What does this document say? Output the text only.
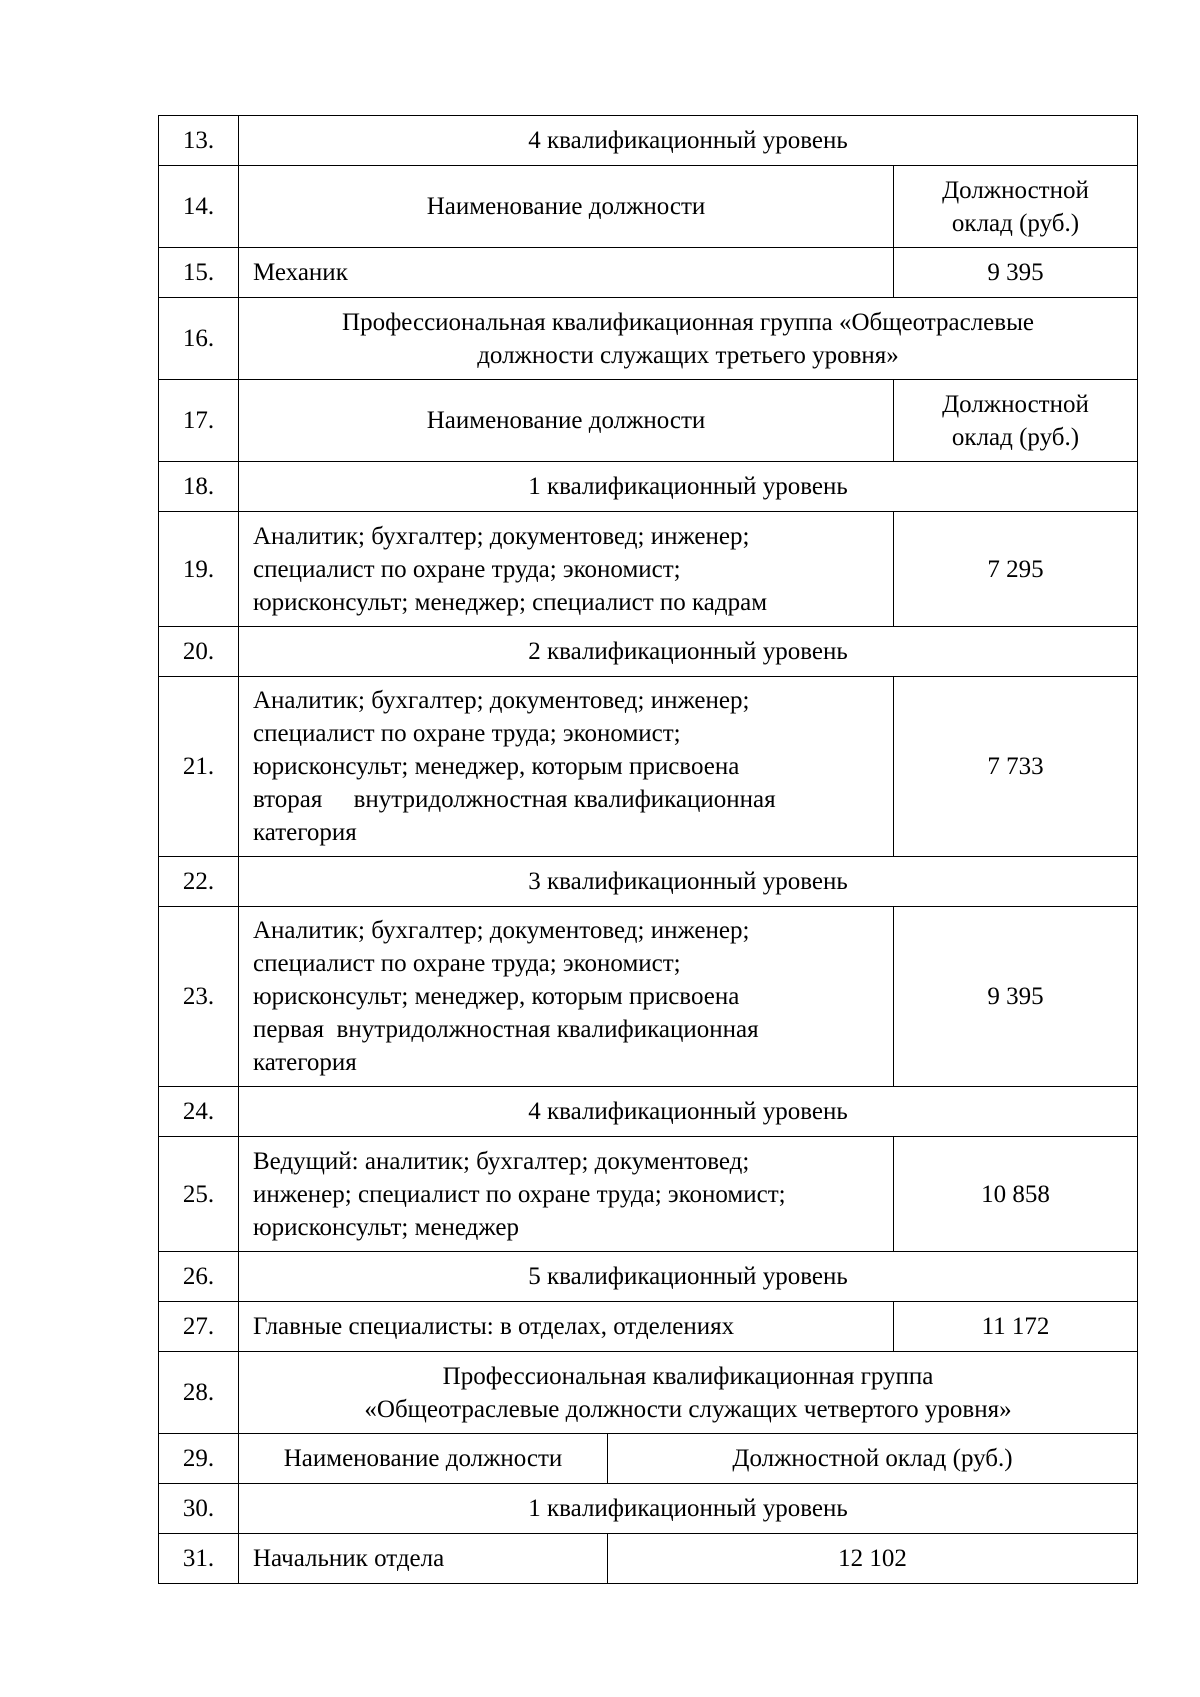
13.	4 квалификационный уровень		
14.	Наименование должности		Должностной
оклад (руб.)
15.	Механик		9 395
16.	Профессиональная квалификационная группа «Общеотраслевые
должности служащих третьего уровня»		
17.	Наименование должности		Должностной
оклад (руб.)
18.	1 квалификационный уровень		
19.	Аналитик; бухгалтер; документовед; инженер;
специалист по охране труда; экономист;
юрисконсульт; менеджер; специалист по кадрам		7 295
20.	2 квалификационный уровень		
21.	Аналитик; бухгалтер; документовед; инженер;
специалист по охране труда; экономист;
юрисконсульт; менеджер, которым присвоена
вторая     внутридолжностная квалификационная
категория		7 733
22.	3 квалификационный уровень		
23.	Аналитик; бухгалтер; документовед; инженер;
специалист по охране труда; экономист;
юрисконсульт; менеджер, которым присвоена
первая  внутридолжностная квалификационная
категория		9 395
24.	4 квалификационный уровень		
25.	Ведущий: аналитик; бухгалтер; документовед;
инженер; специалист по охране труда; экономист;
юрисконсульт; менеджер		10 858
26.	5 квалификационный уровень		
27.	Главные специалисты: в отделах, отделениях		11 172
28.	Профессиональная квалификационная группа
«Общеотраслевые должности служащих четвертого уровня»		
29.	Наименование должности	Должностной оклад (руб.)	
30.	1 квалификационный уровень		
31.	Начальник отдела	12 102	
